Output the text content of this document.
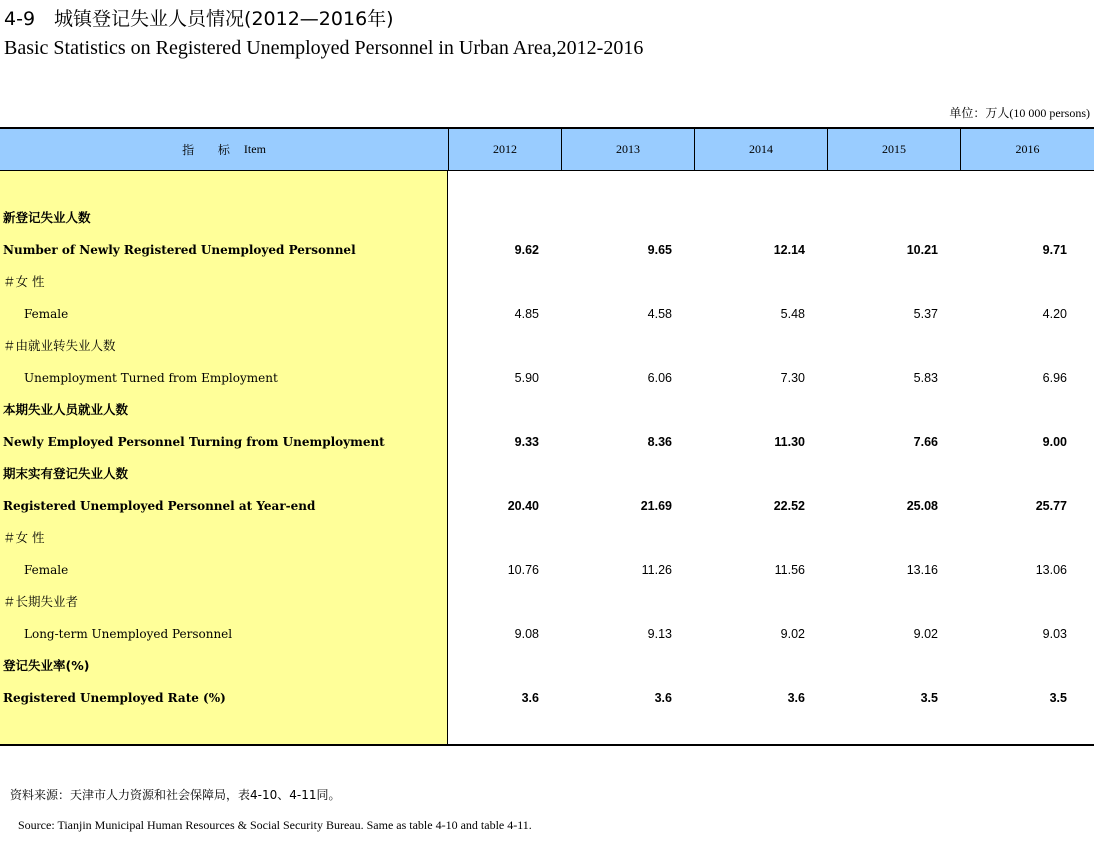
4-9　城镇登记失业人员情况(2012—2016年)
Basic Statistics on Registered Unemployed Personnel in Urban Area,2012-2016
单位：万人(10 000 persons)
指 标 Item	2012	2013	2014	2015	2016
新登记失业人数
Number of Newly Registered Unemployed Personnel	9.62	9.65	12.14	10.21	9.71
＃女 性
Female	4.85	4.58	5.48	5.37	4.20
＃由就业转失业人数
Unemployment Turned from Employment	5.90	6.06	7.30	5.83	6.96
本期失业人员就业人数
Newly Employed Personnel Turning from Unemployment	9.33	8.36	11.30	7.66	9.00
期末实有登记失业人数
Registered Unemployed Personnel at Year-end	20.40	21.69	22.52	25.08	25.77
＃女 性
Female	10.76	11.26	11.56	13.16	13.06
＃长期失业者
Long-term Unemployed Personnel	9.08	9.13	9.02	9.02	9.03
登记失业率(%)
Registered Unemployed Rate (%)	3.6	3.6	3.6	3.5	3.5
资料来源：天津市人力资源和社会保障局，表4-10、4-11同。
Source: Tianjin Municipal Human Resources & Social Security Bureau. Same as table 4-10 and table 4-11.
